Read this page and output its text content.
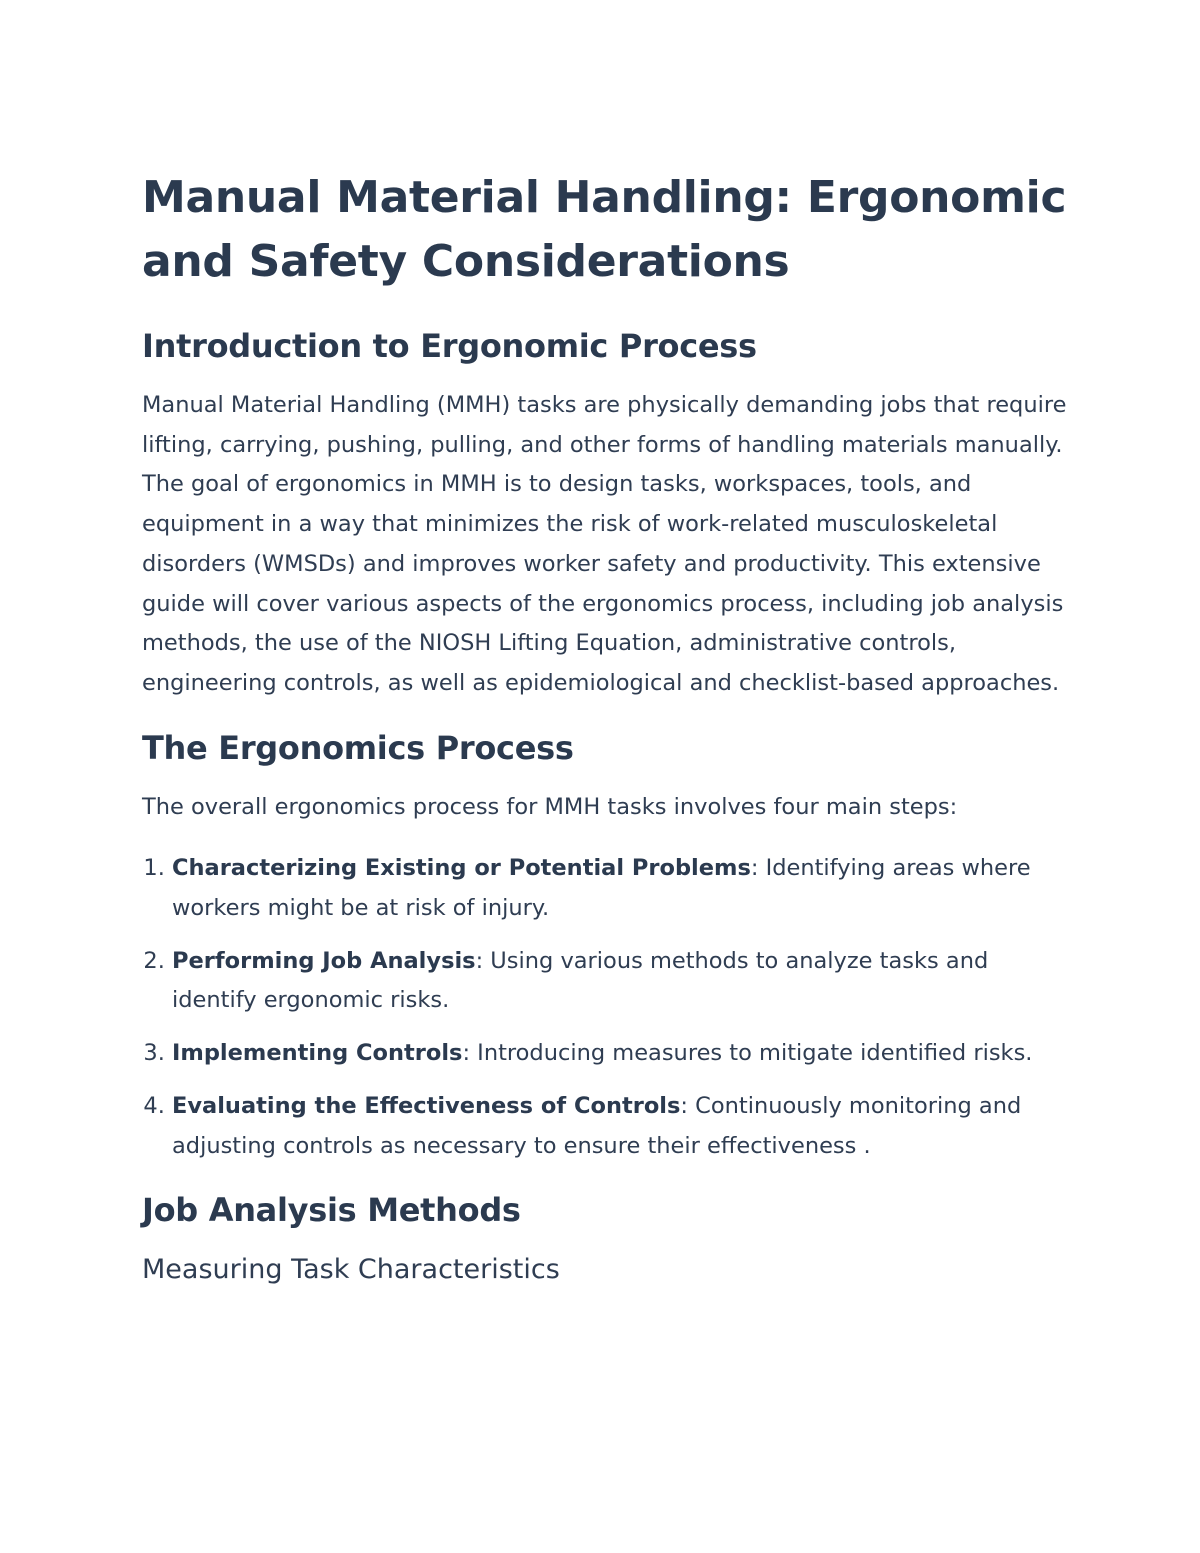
Manual Material Handling: Ergonomic and Safety Considerations
Introduction to Ergonomic Process

Manual Material Handling (MMH) tasks are physically demanding jobs that require lifting, carrying, pushing, pulling, and other forms of handling materials manually. The goal of ergonomics in MMH is to design tasks, workspaces, tools, and equipment in a way that minimizes the risk of work-related musculoskeletal disorders (WMSDs) and improves worker safety and productivity. This extensive guide will cover various aspects of the ergonomics process, including job analysis methods, the use of the NIOSH Lifting Equation, administrative controls, engineering controls, as well as epidemiological and checklist-based approaches.

The Ergonomics Process

The overall ergonomics process for MMH tasks involves four main steps:

1. Characterizing Existing or Potential Problems: Identifying areas where workers might be at risk of injury.
2. Performing Job Analysis: Using various methods to analyze tasks and identify ergonomic risks.
3. Implementing Controls: Introducing measures to mitigate identified risks.
4. Evaluating the Effectiveness of Controls: Continuously monitoring and adjusting controls as necessary to ensure their effectiveness .
Job Analysis Methods
Measuring Task Characteristics
